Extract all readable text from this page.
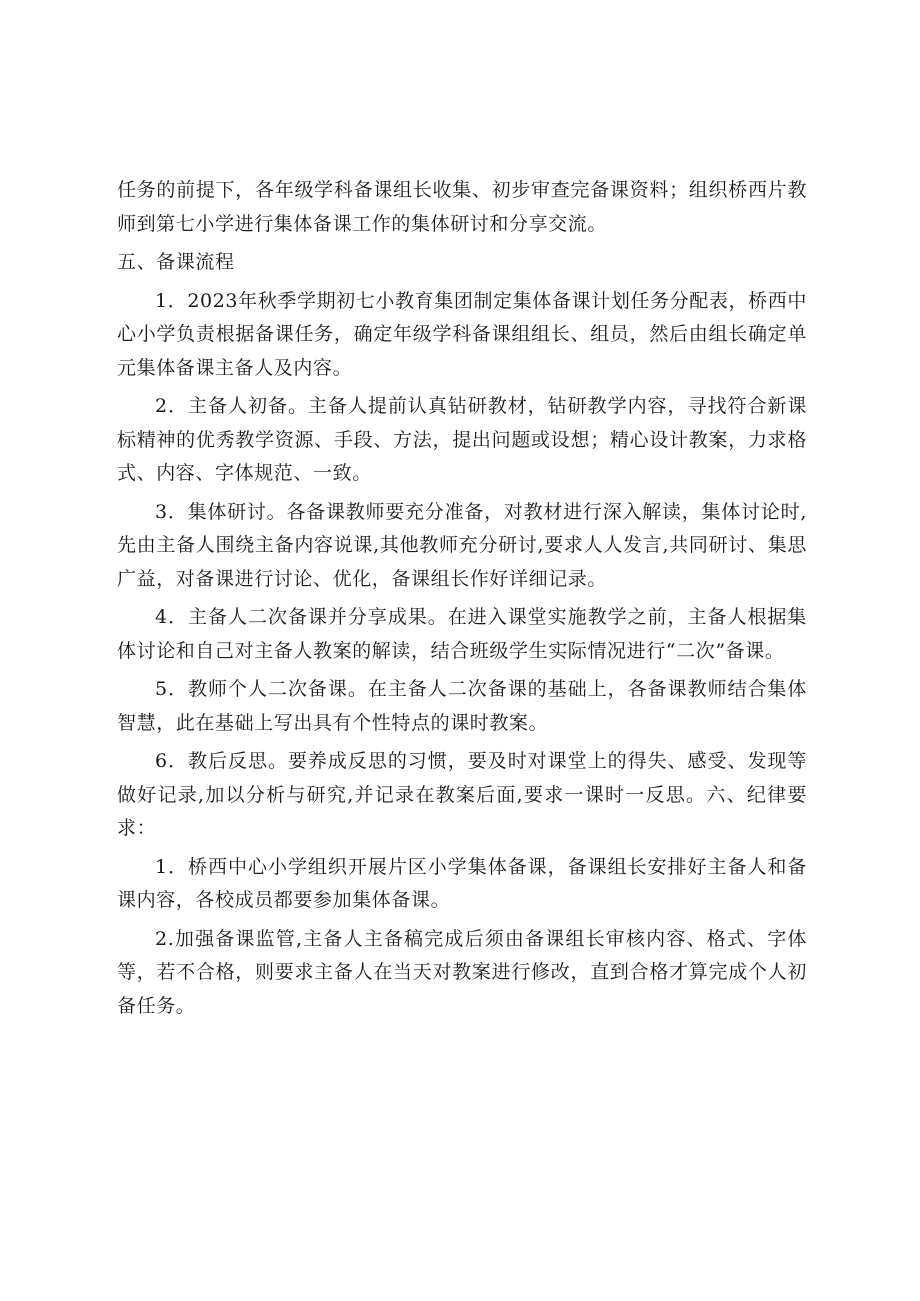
任务的前提下，各年级学科备课组长收集、初步审查完备课资料；组织桥西片教师到第七小学进行集体备课工作的集体研讨和分享交流。

五、备课流程

1．2023年秋季学期初七小教育集团制定集体备课计划任务分配表，桥西中心小学负责根据备课任务，确定年级学科备课组组长、组员，然后由组长确定单元集体备课主备人及内容。

2．主备人初备。主备人提前认真钻研教材，钻研教学内容，寻找符合新课标精神的优秀教学资源、手段、方法，提出问题或设想；精心设计教案，力求格式、内容、字体规范、一致。

3．集体研讨。各备课教师要充分准备，对教材进行深入解读，集体讨论时,先由主备人围绕主备内容说课,其他教师充分研讨,要求人人发言,共同研讨、集思广益，对备课进行讨论、优化，备课组长作好详细记录。

4．主备人二次备课并分享成果。在进入课堂实施教学之前，主备人根据集体讨论和自己对主备人教案的解读，结合班级学生实际情况进行“二次”备课。

5．教师个人二次备课。在主备人二次备课的基础上，各备课教师结合集体智慧，此在基础上写出具有个性特点的课时教案。

6．教后反思。要养成反思的习惯，要及时对课堂上的得失、感受、发现等做好记录,加以分析与研究,并记录在教案后面,要求一课时一反思。六、纪律要求：

1．桥西中心小学组织开展片区小学集体备课，备课组长安排好主备人和备课内容，各校成员都要参加集体备课。

2.加强备课监管,主备人主备稿完成后须由备课组长审核内容、格式、字体等，若不合格，则要求主备人在当天对教案进行修改，直到合格才算完成个人初备任务。
